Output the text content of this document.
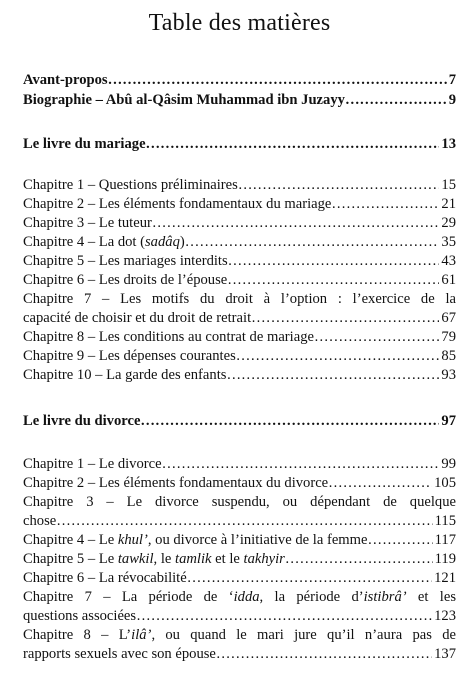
Table des matières
Avant-propos ……………………………………………………………………………………………………………………………………………………………………………………………………………………	7
Biographie – Abû al-Qâsim Muhammad ibn Juzayy ……………………………………………………………………………………………………………………………………………………………………………………………………………………	9
Le livre du mariage ……………………………………………………………………………………………………………………………………………………………………………………………………………………	13
Chapitre 1 – Questions préliminaires ……………………………………………………………………………………………………………………………………………………………………………………………………………………	15
Chapitre 2 – Les éléments fondamentaux du mariage ……………………………………………………………………………………………………………………………………………………………………………………………………………………	21
Chapitre 3 – Le tuteur ……………………………………………………………………………………………………………………………………………………………………………………………………………………	29
Chapitre 4 – La dot (sadâq) ……………………………………………………………………………………………………………………………………………………………………………………………………………………	35
Chapitre 5 – Les mariages interdits ……………………………………………………………………………………………………………………………………………………………………………………………………………………	43
Chapitre 6 – Les droits de l’épouse ……………………………………………………………………………………………………………………………………………………………………………………………………………………	61
Chapitre 7 – Les motifs du droit à l’option : l’exercice de la
capacité de choisir et du droit de retrait ……………………………………………………………………………………………………………………………………………………………………………………………………………………	67
Chapitre 8 – Les conditions au contrat de mariage ……………………………………………………………………………………………………………………………………………………………………………………………………………………	79
Chapitre 9 – Les dépenses courantes ……………………………………………………………………………………………………………………………………………………………………………………………………………………	85
Chapitre 10 – La garde des enfants ……………………………………………………………………………………………………………………………………………………………………………………………………………………	93
Le livre du divorce ……………………………………………………………………………………………………………………………………………………………………………………………………………………	97
Chapitre 1 – Le divorce ……………………………………………………………………………………………………………………………………………………………………………………………………………………	99
Chapitre 2 – Les éléments fondamentaux du divorce ……………………………………………………………………………………………………………………………………………………………………………………………………………………	105
Chapitre 3 – Le divorce suspendu, ou dépendant de quelque
chose ……………………………………………………………………………………………………………………………………………………………………………………………………………………	115
Chapitre 4 – Le khul’, ou divorce à l’initiative de la femme ……………………………………………………………………………………………………………………………………………………………………………………………………………………	117
Chapitre 5 – Le tawkil, le tamlik et le takhyir ……………………………………………………………………………………………………………………………………………………………………………………………………………………	119
Chapitre 6 – La révocabilité ……………………………………………………………………………………………………………………………………………………………………………………………………………………	121
Chapitre 7 – La période de ‘idda, la période d’istibrâ’ et les
questions associées ……………………………………………………………………………………………………………………………………………………………………………………………………………………	123
Chapitre 8 – L’ilâ’, ou quand le mari jure qu’il n’aura pas de
rapports sexuels avec son épouse ……………………………………………………………………………………………………………………………………………………………………………………………………………………	137
